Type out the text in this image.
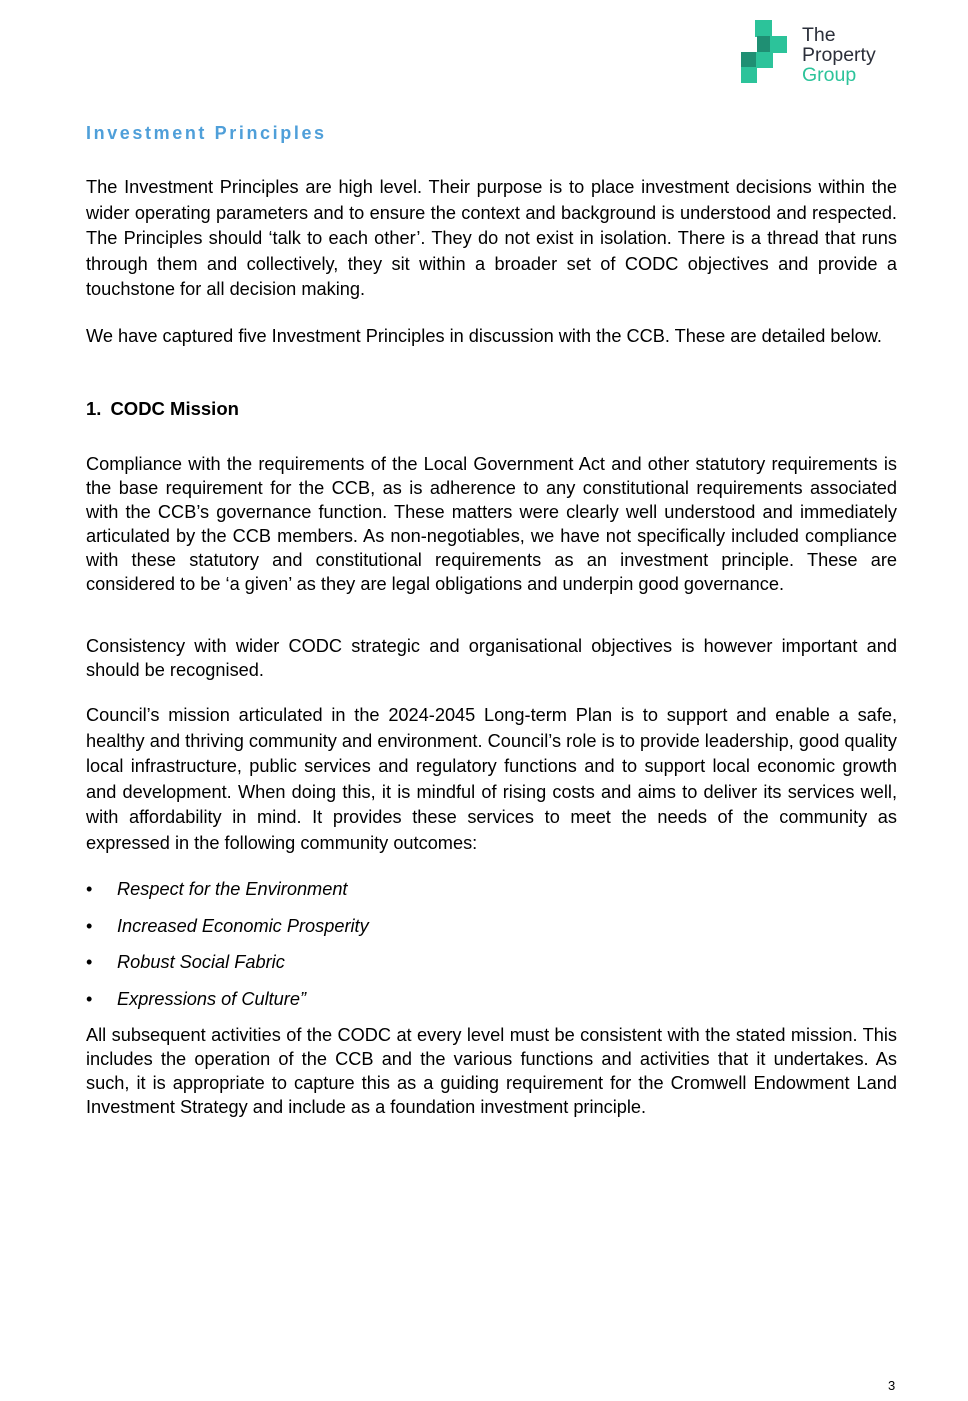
The
Property
Group
Investment Principles

The Investment Principles are high level. Their purpose is to place investment decisions within the wider operating parameters and to ensure the context and background is understood and respected. The Principles should ‘talk to each other’. They do not exist in isolation. There is a thread that runs through them and collectively, they sit within a broader set of CODC objectives and provide a touchstone for all decision making.

We have captured five Investment Principles in discussion with the CCB. These are detailed below.

1. CODC Mission

Compliance with the requirements of the Local Government Act and other statutory requirements is the base requirement for the CCB, as is adherence to any constitutional requirements associated with the CCB’s governance function. These matters were clearly well understood and immediately articulated by the CCB members. As non-negotiables, we have not specifically included compliance with these statutory and constitutional requirements as an investment principle. These are considered to be ‘a given’ as they are legal obligations and underpin good governance.

Consistency with wider CODC strategic and organisational objectives is however important and should be recognised.

Council’s mission articulated in the 2024-2045 Long-term Plan is to support and enable a safe, healthy and thriving community and environment. Council’s role is to provide leadership, good quality local infrastructure, public services and regulatory functions and to support local economic growth and development. When doing this, it is mindful of rising costs and aims to deliver its services well, with affordability in mind. It provides these services to meet the needs of the community as expressed in the following community outcomes:

• Respect for the Environment
• Increased Economic Prosperity
• Robust Social Fabric
• Expressions of Culture”

All subsequent activities of the CODC at every level must be consistent with the stated mission. This includes the operation of the CCB and the various functions and activities that it undertakes. As such, it is appropriate to capture this as a guiding requirement for the Cromwell Endowment Land Investment Strategy and include as a foundation investment principle.

3
